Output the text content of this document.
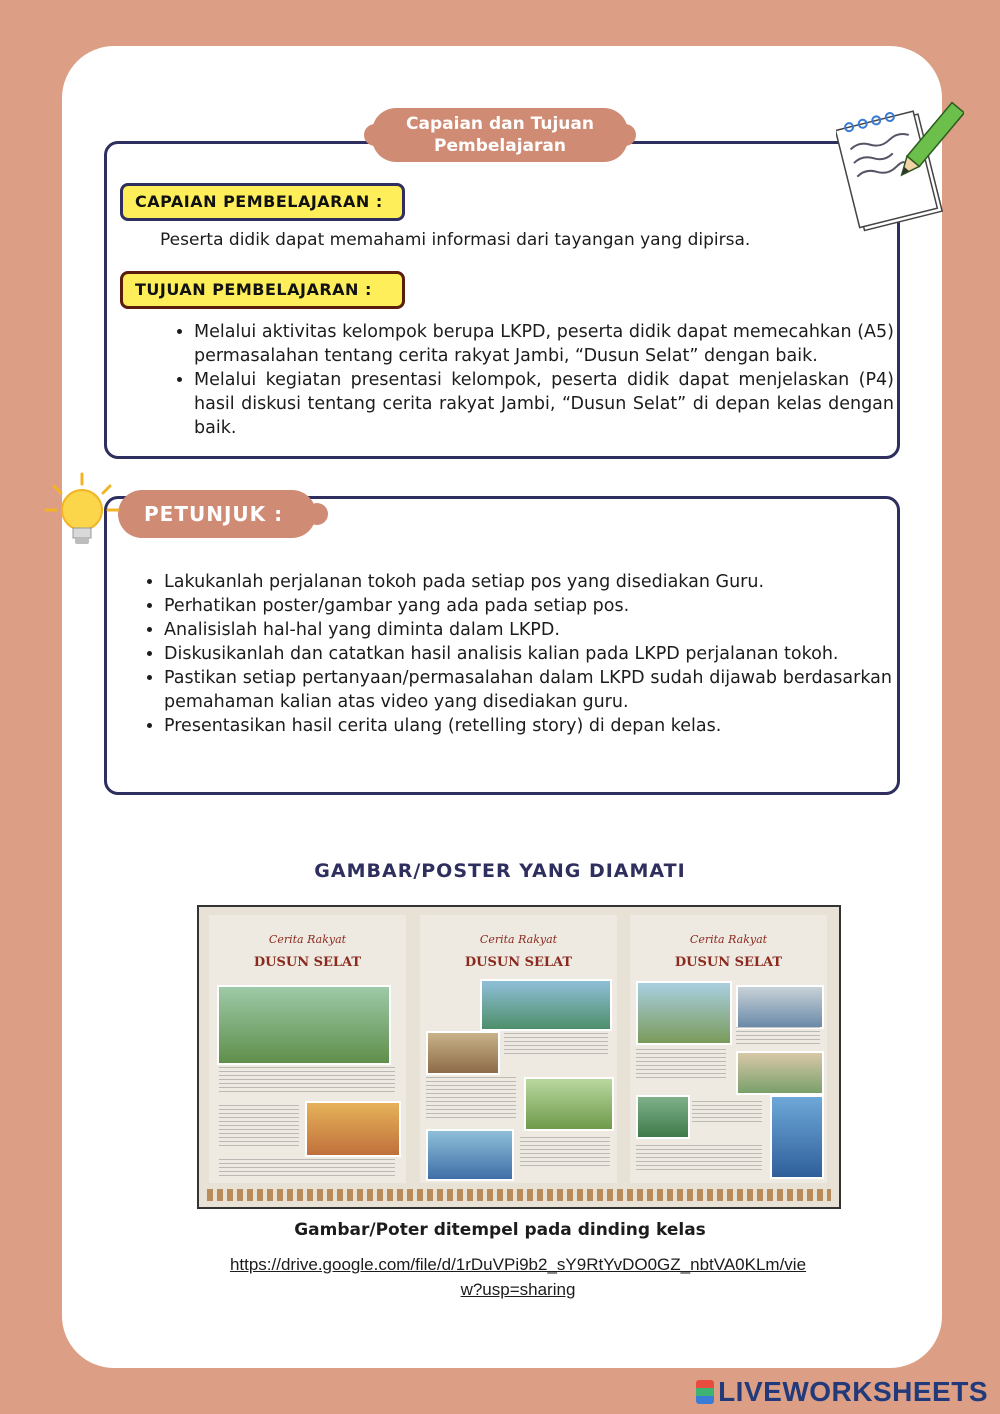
Capaian dan Tujuan
Pembelajaran
CAPAIAN PEMBELAJARAN :

Peserta didik dapat memahami informasi dari tayangan yang dipirsa.

TUJUAN PEMBELAJARAN :
• Melalui aktivitas kelompok berupa LKPD, peserta didik dapat memecahkan (A5) permasalahan tentang cerita rakyat Jambi, “Dusun Selat” dengan baik.
• Melalui kegiatan presentasi kelompok, peserta didik dapat menjelaskan (P4) hasil diskusi tentang cerita rakyat Jambi, “Dusun Selat” di depan kelas dengan baik.
PETUNJUK :
• Lakukanlah perjalanan tokoh pada setiap pos yang disediakan Guru.
• Perhatikan poster/gambar yang ada pada setiap pos.
• Analisislah hal-hal yang diminta dalam LKPD.
• Diskusikanlah dan catatkan hasil analisis kalian pada LKPD perjalanan tokoh.
• Pastikan setiap pertanyaan/permasalahan dalam LKPD sudah dijawab berdasarkan pemahaman kalian atas video yang disediakan guru.
• Presentasikan hasil cerita ulang (retelling story) di depan kelas.
GAMBAR/POSTER YANG DIAMATI
Cerita Rakyat
DUSUN SELAT
Cerita Rakyat
DUSUN SELAT
Cerita Rakyat
DUSUN SELAT
Gambar/Poter ditempel pada dinding kelas
https://drive.google.com/file/d/1rDuVPi9b2_sY9RtYvDO0GZ_nbtVA0KLm/view?usp=sharing
LIVEWORKSHEETS
